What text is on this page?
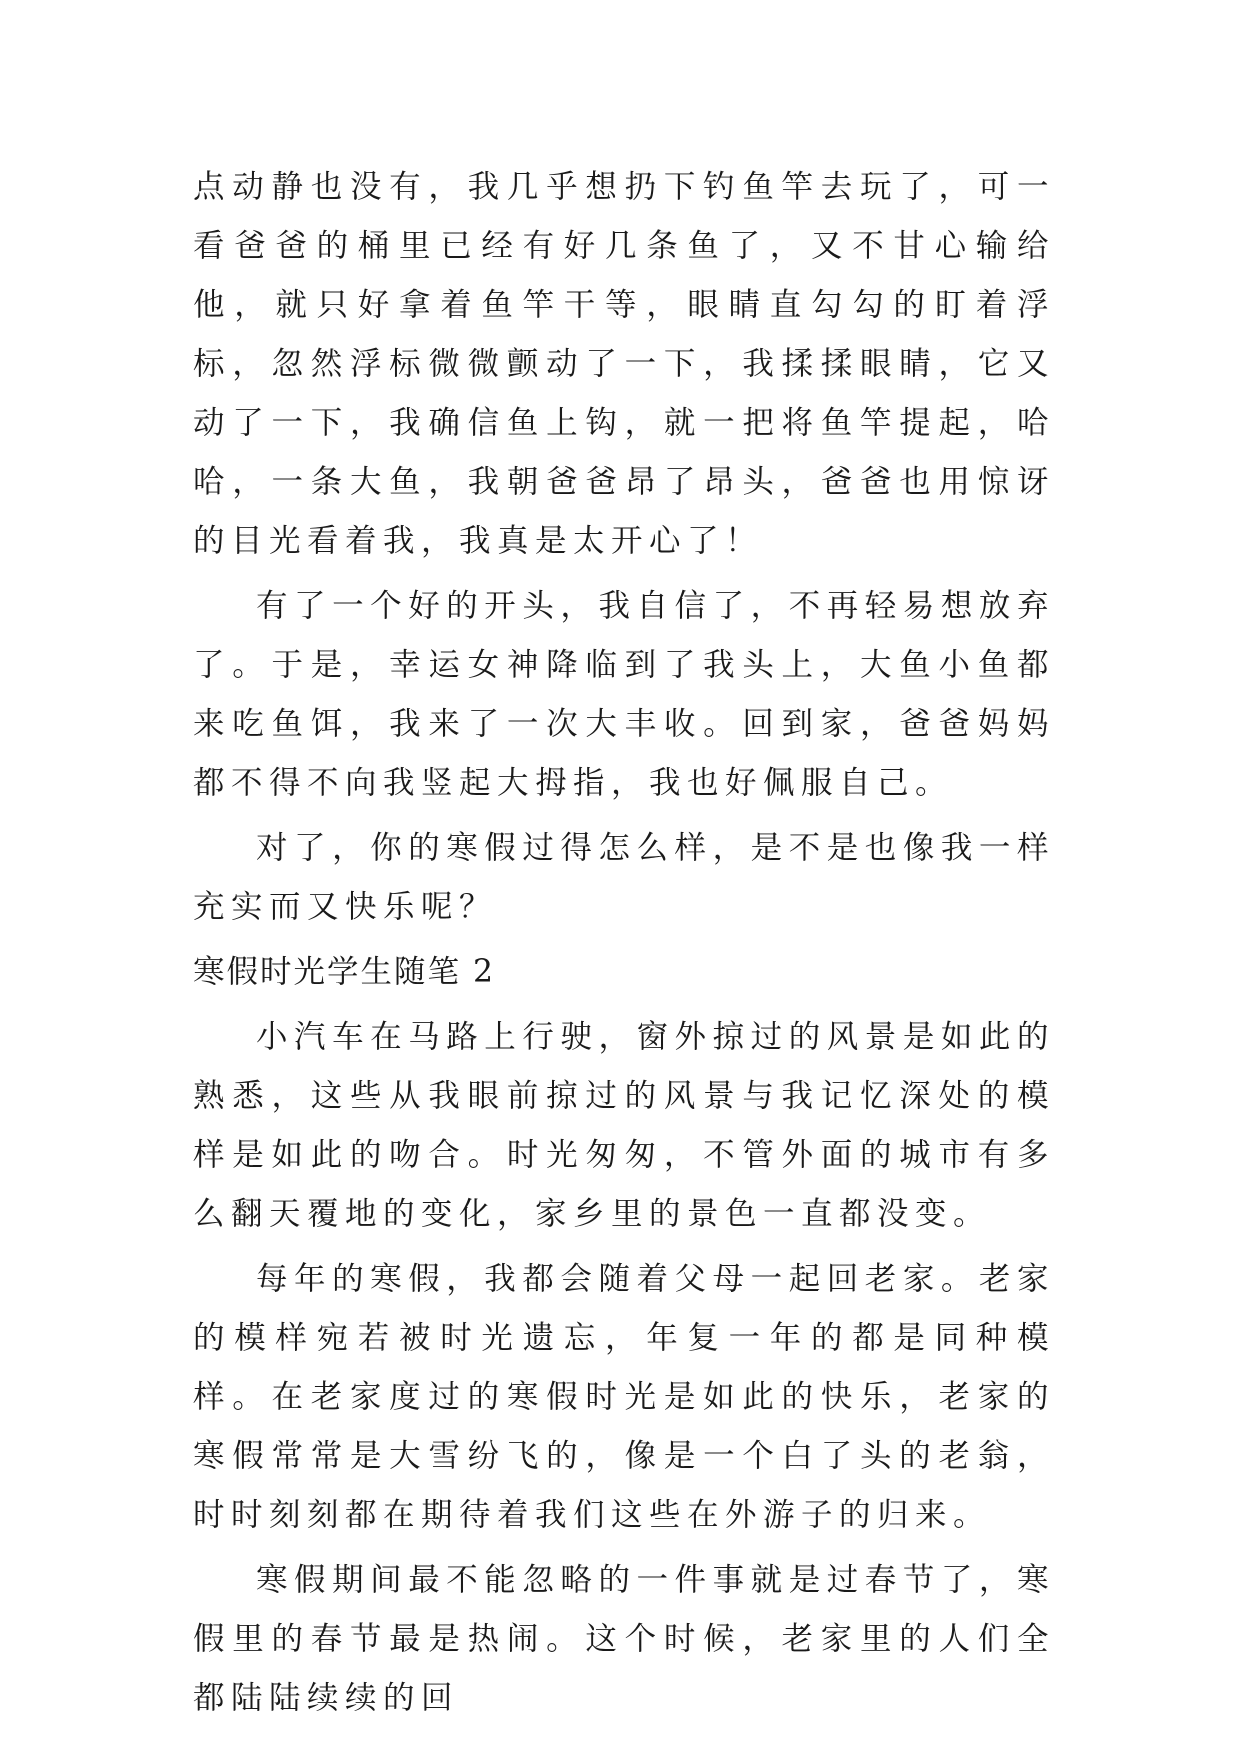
点动静也没有，我几乎想扔下钓鱼竿去玩了，可一看爸爸的桶里已经有好几条鱼了，又不甘心输给他，就只好拿着鱼竿干等，眼睛直勾勾的盯着浮标，忽然浮标微微颤动了一下，我揉揉眼睛，它又动了一下，我确信鱼上钩，就一把将鱼竿提起，哈哈，一条大鱼，我朝爸爸昂了昂头，爸爸也用惊讶的目光看着我，我真是太开心了！

有了一个好的开头，我自信了，不再轻易想放弃了。于是，幸运女神降临到了我头上，大鱼小鱼都来吃鱼饵，我来了一次大丰收。回到家，爸爸妈妈都不得不向我竖起大拇指，我也好佩服自己。

对了，你的寒假过得怎么样，是不是也像我一样充实而又快乐呢？

寒假时光学生随笔 2

小汽车在马路上行驶，窗外掠过的风景是如此的熟悉，这些从我眼前掠过的风景与我记忆深处的模样是如此的吻合。时光匆匆，不管外面的城市有多么翻天覆地的变化，家乡里的景色一直都没变。

每年的寒假，我都会随着父母一起回老家。老家的模样宛若被时光遗忘，年复一年的都是同种模样。在老家度过的寒假时光是如此的快乐，老家的寒假常常是大雪纷飞的，像是一个白了头的老翁，时时刻刻都在期待着我们这些在外游子的归来。

寒假期间最不能忽略的一件事就是过春节了，寒假里的春节最是热闹。这个时候，老家里的人们全都陆陆续续的回
